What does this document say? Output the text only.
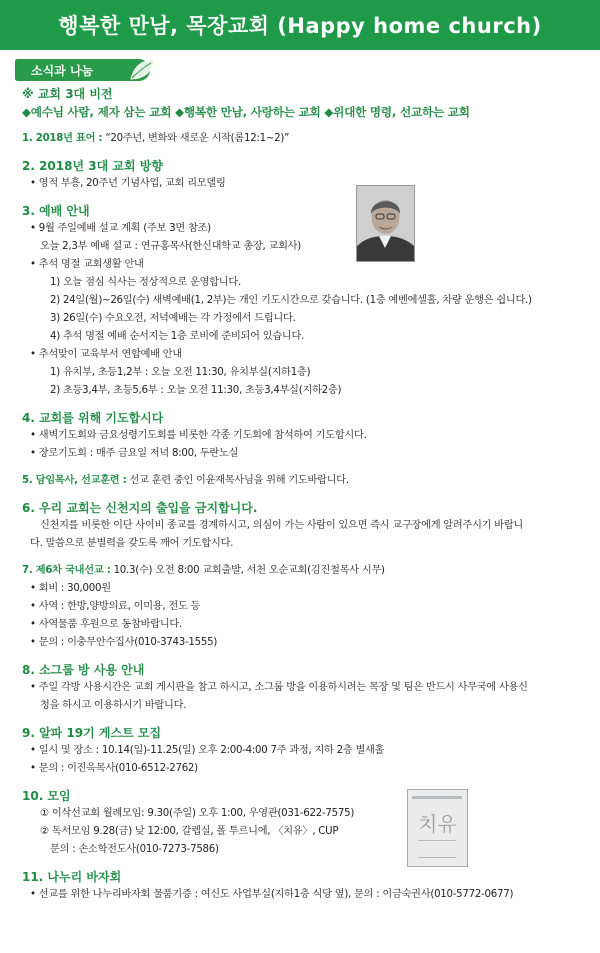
행복한 만남, 목장교회 (Happy home church)
소식과 나눔
※ 교회 3대 비전
◆예수님 사람, 제자 삼는 교회 ◆행복한 만남, 사랑하는 교회 ◆위대한 명령, 선교하는 교회
1. 2018년 표어 : “20주년, 변화와 새로운 시작(롬12:1~2)”
2. 2018년 3대 교회 방향
• 영적 부흥, 20주년 기념사업, 교회 리모델링
3. 예배 안내
• 9월 주일예배 설교 계획 (주보 3면 참조)
오늘 2,3부 예배 설교 : 연규홍목사(한신대학교 총장, 교회사)
• 추석 명절 교회생활 안내
1) 오늘 점심 식사는 정상적으로 운영합니다.
2) 24일(월)~26일(수) 새벽예배(1, 2부)는 개인 기도시간으로 갖습니다. (1층 예벤에셀홀, 차량 운행은 쉽니다.)
3) 26일(수) 수요오전, 저녁예배는 각 가정에서 드립니다.
4) 추석 명절 예배 순서지는 1층 로비에 준비되어 있습니다.
• 추석맞이 교육부서 연합예배 안내
1) 유치부, 초등1,2부 : 오늘 오전 11:30, 유치부실(지하1층)
2) 초등3,4부, 초등5,6부 : 오늘 오전 11:30, 초등3,4부실(지하2층)
4. 교회를 위해 기도합시다
• 새벽기도회와 금요성령기도회를 비롯한 각종 기도회에 참석하여 기도합시다.
• 장로기도회 : 매주 금요일 저녁 8:00, 두란노실
5. 담임목사, 선교훈련 : 선교 훈련 중인 이윤재목사님을 위해 기도바랍니다.
6. 우리 교회는 신천지의 출입을 금지합니다.
신천지를 비롯한 이단 사이비 종교를 경계하시고, 의심이 가는 사람이 있으면 즉시 교구장에게 알려주시기 바랍니
다. 말씀으로 분별력을 갖도록 깨어 기도합시다.
7. 제6차 국내선교 : 10.3(수) 오전 8:00 교회출발, 서천 오순교회(김진철목사 시무)
• 회비 : 30,000원
• 사역 : 한방,양방의료, 이미용, 전도 등
• 사역물품 후원으로 동참바랍니다.
• 문의 : 이충무안수집사(010-3743-1555)
8. 소그룹 방 사용 안내
• 주일 각방 사용시간은 교회 게시판을 참고 하시고, 소그룹 방을 이용하시려는 목장 및 팀은 반드시 사무국에 사용신
청을 하시고 이용하시기 바랍니다.
9. 알파 19기 게스트 모집
• 일시 및 장소 : 10.14(일)-11.25(일) 오후 2:00-4:00 7주 과정, 지하 2층 별새홀
• 문의 : 이진욱목사(010-6512-2762)
10. 모임
① 이삭선교회 월례모임: 9.30(주일) 오후 1:00, 우영관(031-622-7575)
② 독서모임 9.28(금) 낮 12:00, 갈렙실, 폴 투르니에, 〈치유〉, CUP
문의 : 손소학전도사(010-7273-7586)
11. 나누리 바자회
• 선교를 위한 나누리바자회 물품기증 : 여신도 사업부실(지하1층 식당 옆), 문의 : 이금숙권사(010-5772-0677)
치유
